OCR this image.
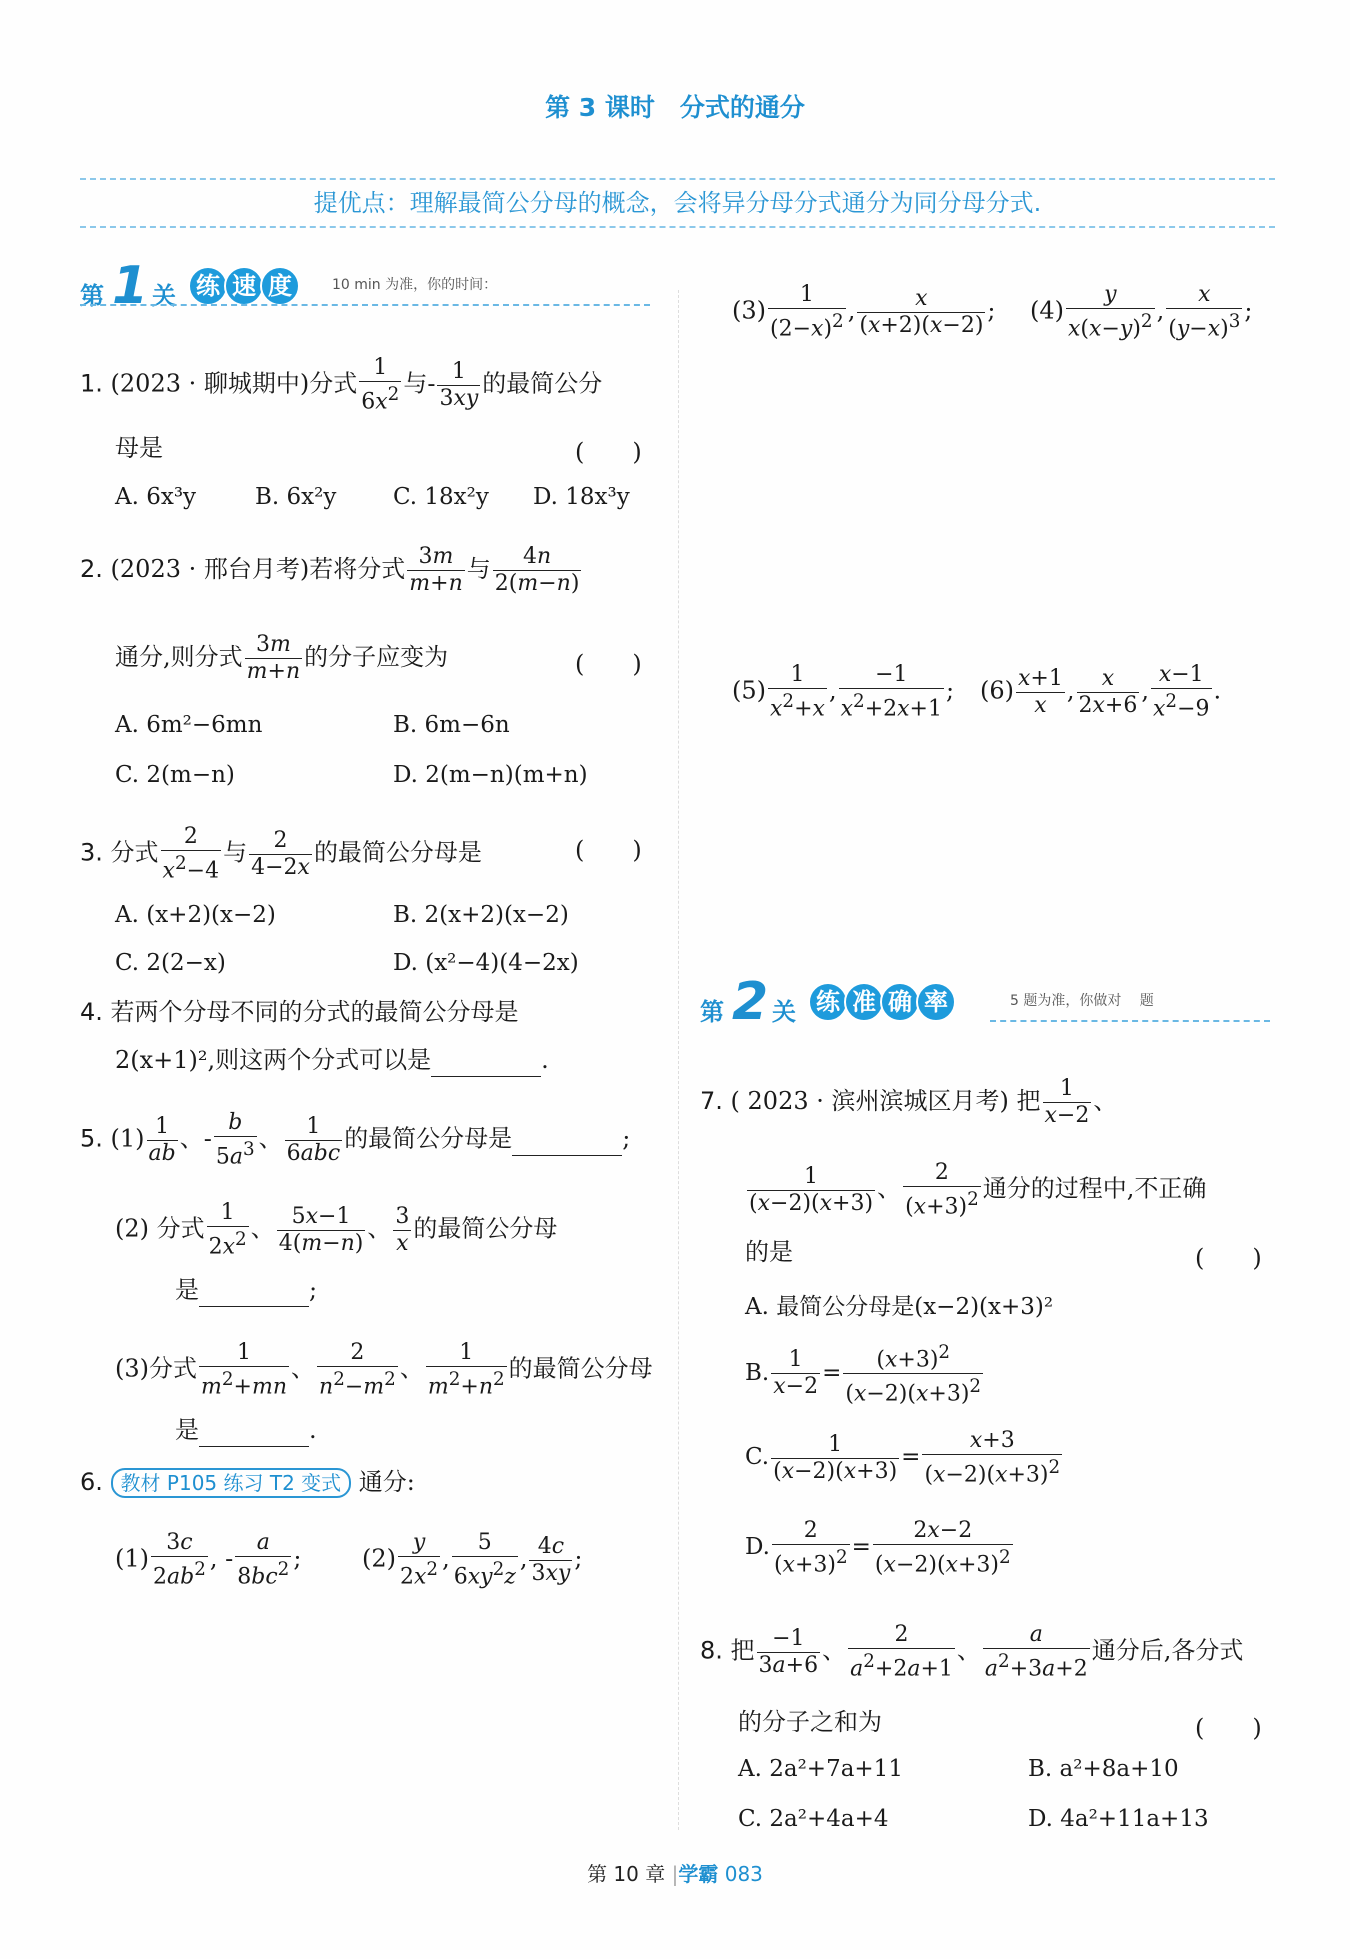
第 3 课时　分式的通分
提优点：理解最简公分母的概念，会将异分母分式通分为同分母分式.
第 1 关 练 速 度	10 min 为准，你的时间：
1. (2023 · 聊城期中)分式 $\frac{1}{6x^2}$ 与- $\frac{1}{3xy}$ 的最简公分
母是	(　　)
A. 6x³y	B. 6x²y C. 18x²y D. 18x³y
2. (2023 · 邢台月考)若将分式 $\frac{3m}{m+n}$ 与 $\frac{4n}{2(m-n)}$
通分,则分式 $\frac{3m}{m+n}$ 的分子应变为	(　　)
A. 6m²−6mn	B. 6m−6n
C. 2(m−n)	D. 2(m−n)(m+n)
3. 分式 $\frac{2}{x^2-4}$ 与 $\frac{2}{4-2x}$ 的最简公分母是	(　　)
A. (x+2)(x−2)	B. 2(x+2)(x−2)
C. 2(2−x)	D. (x²−4)(4−2x)
4. 若两个分母不同的分式的最简公分母是
2(x+1)²,则这两个分式可以是	.
5. $(1) \frac{1}{ab}$ 、- $\frac{b}{5a^3}$ 、	1
6abc
的最简公分母是	;
(2) 分式 $\frac{1}{2x^2}$ 、 $\frac{5x-1}{4(m-n)}$ 、 $\frac{3}{x}$ 的最简公分母
是	;
(3)分式 $\frac{1}{m^2+mn}$ 、 $\frac{2}{n^2-m^2}$ 、 $\frac{1}{m^2+n^2}$ 的最简公分母
是	.
6. 教材 P105 练习 T2 变式 通分:
$(1) \frac{3c}{2ab^2}$ , - $\frac{a}{8bc^2}$ ;	$(2) \frac{y}{2x^2}$ , $\frac{5}{6xy^2z}$ , $\frac{4c}{3xy}$ ;
$(3) \frac{1}{(2-x)^2}$ , $\frac{x}{(x+2)(x-2)}$ ; $(4) \frac{y}{x(x-y)^2}$ , $\frac{x}{(y-x)^3}$ ;
$(5) \frac{1}{x^2+x}$ , $\frac{-1}{x^2+2x+1}$ ; $(6) \frac{x+1}{x}$ , $\frac{x}{2x+6}$ , $\frac{x-1}{x^2-9}$ .
第 2 关 练 准 确 率	5 题为准，你做对　 题
7. ( 2023 · 滨州滨城区月考) 把 $\frac{1}{x-2}$ 、
$\frac{1}{(x-2)(x+3)}$ 、 $\frac{2}{(x+3)^2}$ 通分的过程中,不正确
的是	(　　)
A. 最简公分母是(x−2)(x+3)²
B. $\frac{1}{x-2} = \frac{(x+3)^2}{(x-2)(x+3)^2}$
C. $\frac{1}{(x-2)(x+3)} = \frac{x+3}{(x-2)(x+3)^2}$
D. $\frac{2}{(x+3)^2} = \frac{2x-2}{(x-2)(x+3)^2}$
8. 把 $\frac{-1}{3a+6}$ 、 $\frac{2}{a^2+2a+1}$ 、 $\frac{a}{a^2+3a+2}$ 通分后,各分式
的分子之和为	(　　)
A. 2a²+7a+11	B. a²+8a+10
C. 2a²+4a+4	D. 4a²+11a+13
第 10 章 |学霸 083
